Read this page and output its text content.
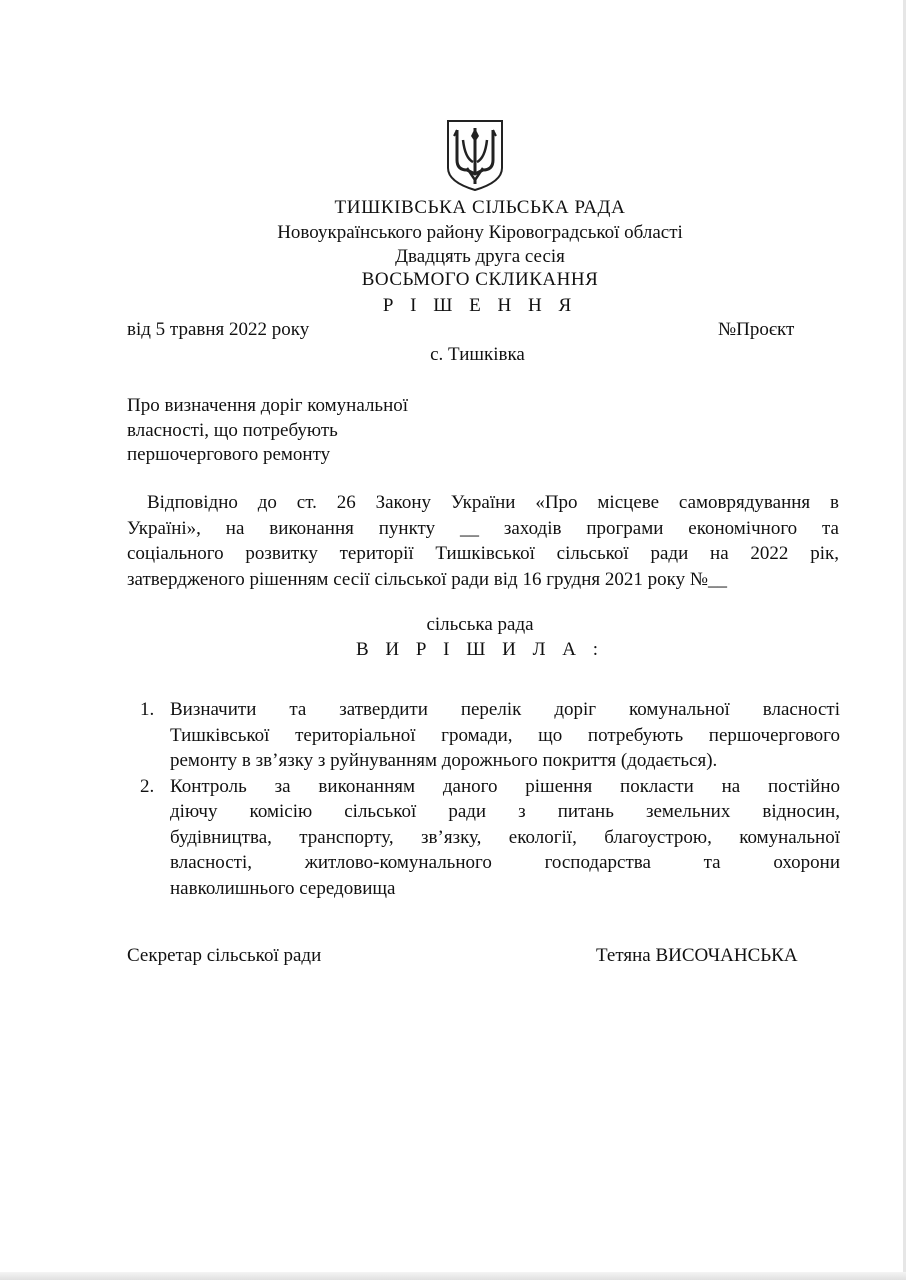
ТИШКІВСЬКА СІЛЬСЬКА РАДА
Новоукраїнського району Кіровоградської області
Двадцять друга сесія
ВОСЬМОГО СКЛИКАННЯ
Р І Ш Е Н Н Я
від 5 травня 2022 року	№Проєкт
с. Тишківка
Про визначення доріг комунальної
власності, що потребують
першочергового ремонту
Відповідно до ст. 26 Закону України «Про місцеве самоврядування в
Україні», на виконання пункту __ заходів програми економічного та
соціального розвитку території Тишківської сільської ради на 2022 рік,
затвердженого рішенням сесії сільської ради від 16 грудня 2021 року №__
сільська рада
В И Р І Ш И Л А :
1. Визначити та затвердити перелік доріг комунальної власності
Тишківської територіальної громади, що потребують першочергового
ремонту в зв’язку з руйнуванням дорожнього покриття (додається).
2. Контроль за виконанням даного рішення покласти на постійно
діючу комісію сільської ради з питань земельних відносин,
будівництва, транспорту, зв’язку, екології, благоустрою, комунальної
власності, житлово-комунального господарства та охорони
навколишнього середовища
Секретар сільської ради	Тетяна ВИСОЧАНСЬКА
